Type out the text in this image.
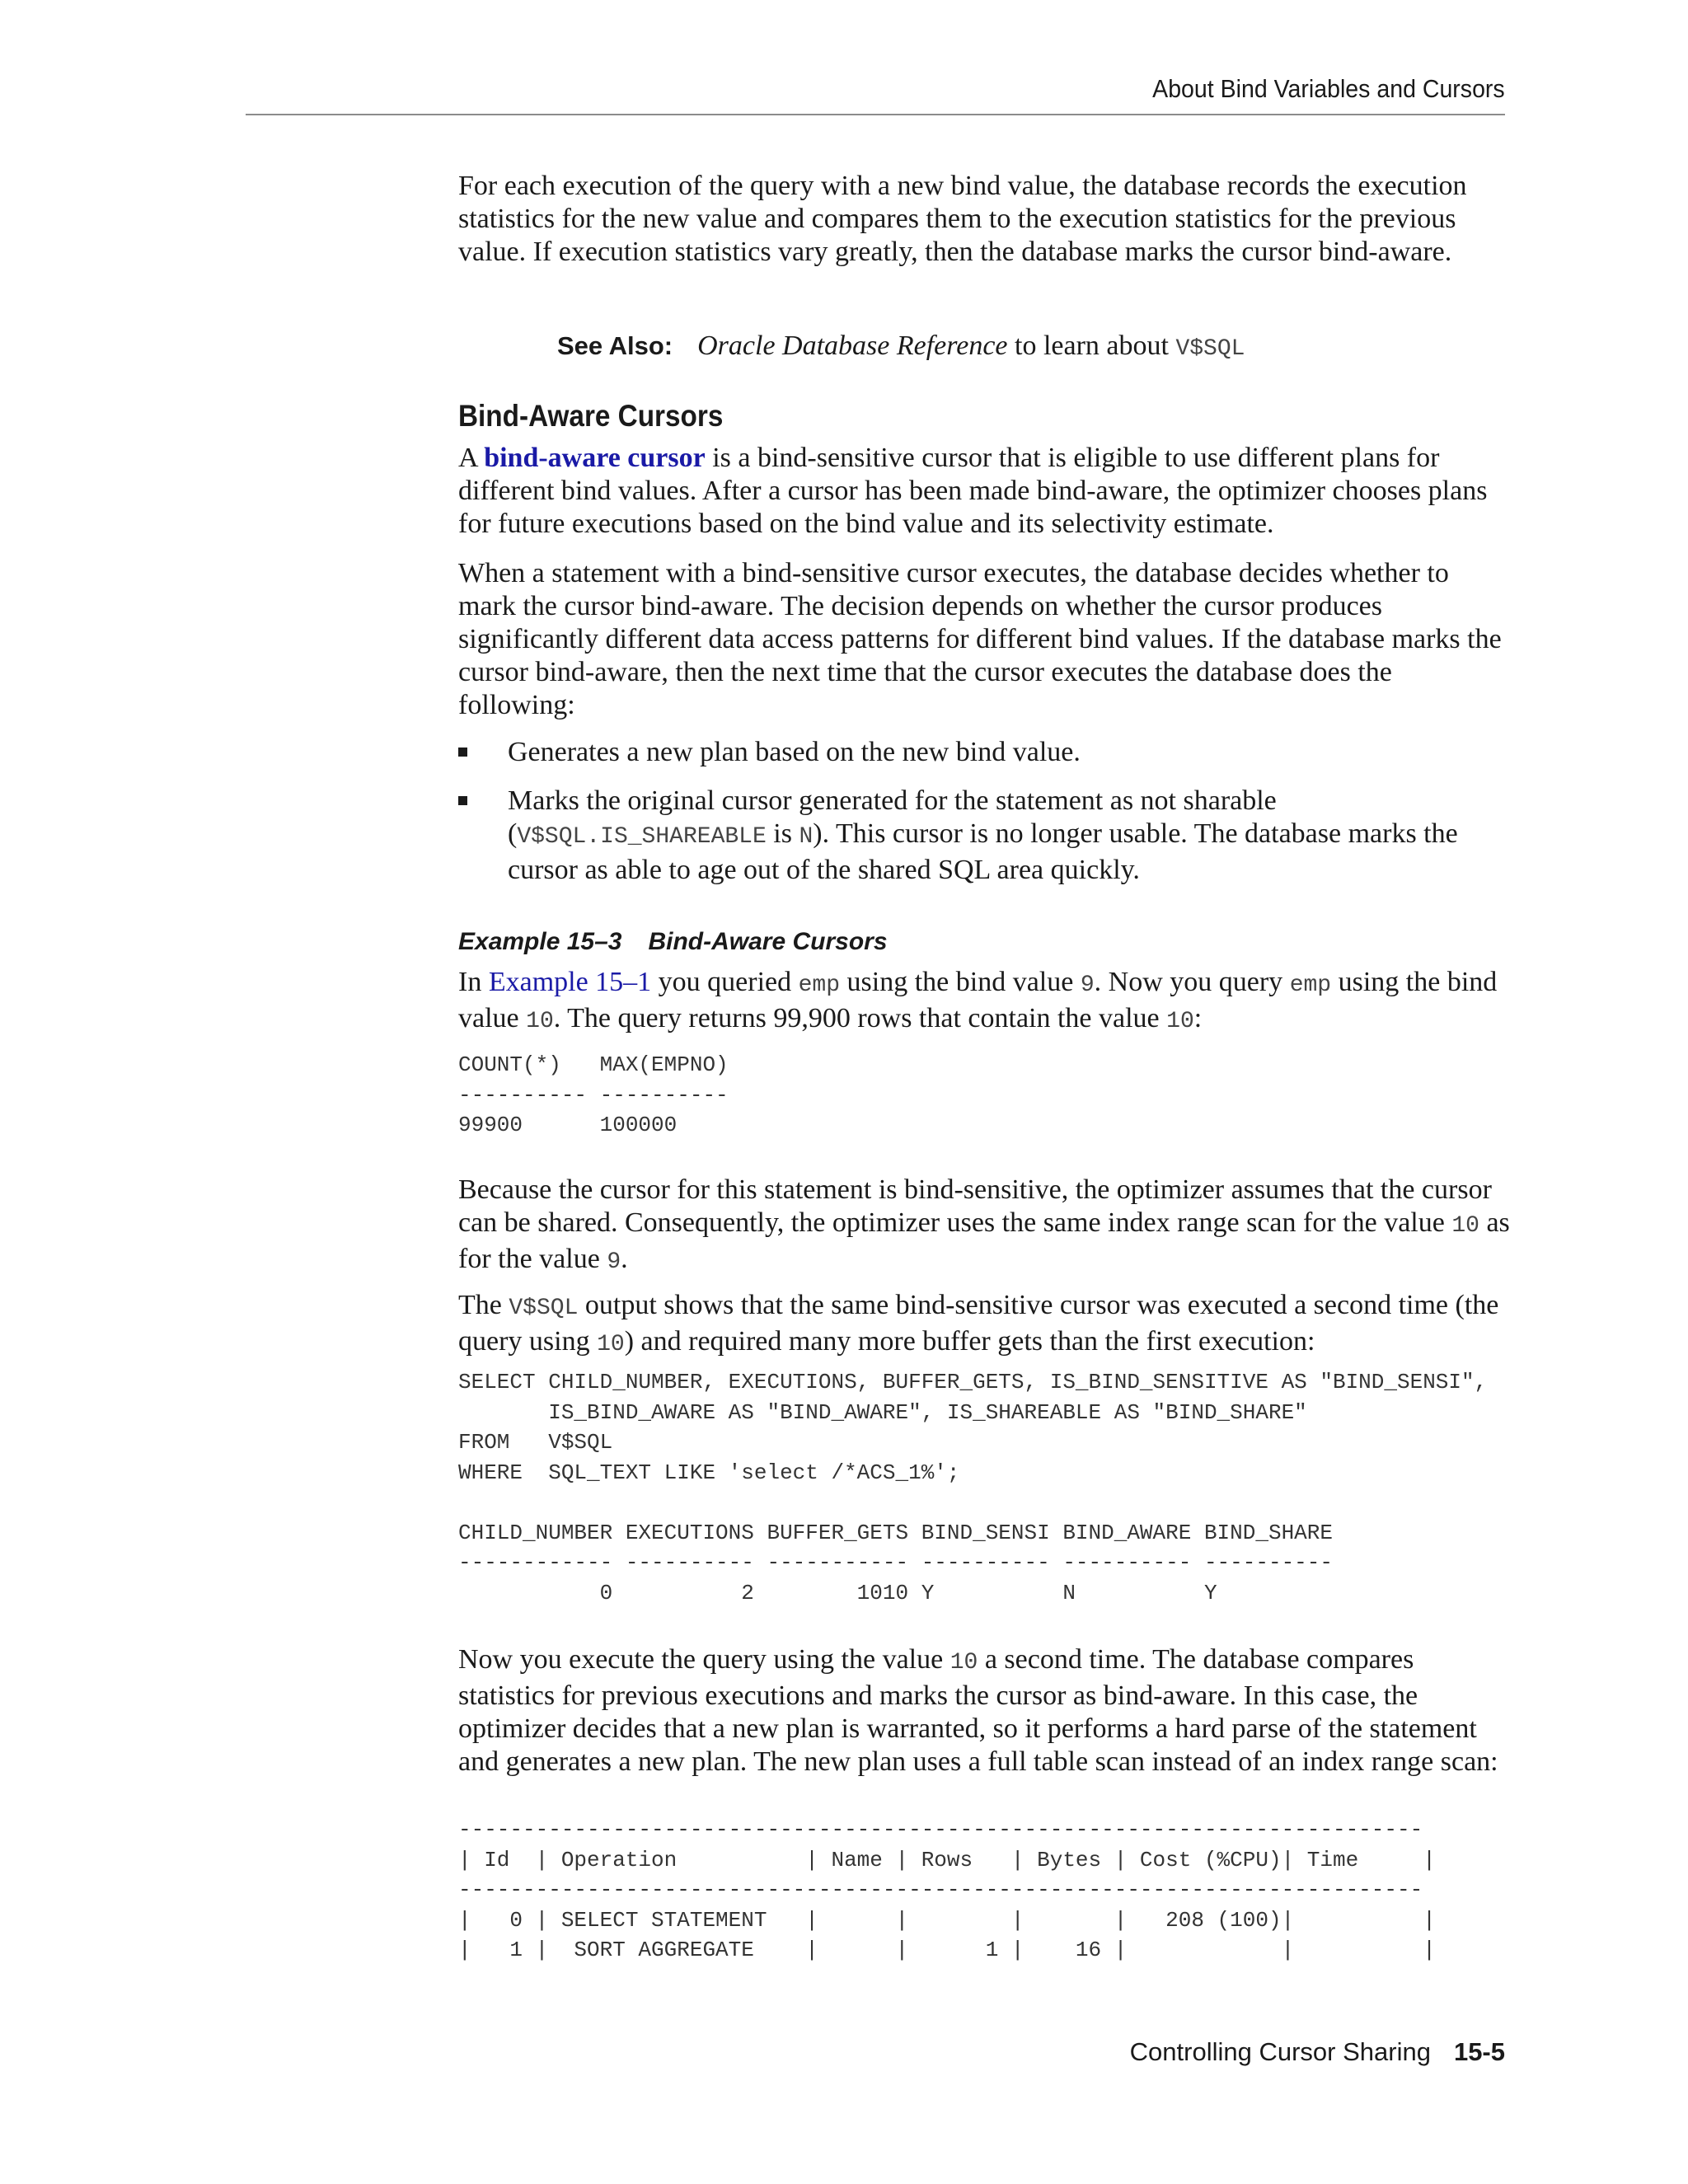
About Bind Variables and Cursors

For each execution of the query with a new bind value, the database records the execution statistics for the new value and compares them to the execution statistics for the previous value. If execution statistics vary greatly, then the database marks the cursor bind-aware.

See Also: Oracle Database Reference to learn about V$SQL
Bind-Aware Cursors

A bind-aware cursor is a bind-sensitive cursor that is eligible to use different plans for different bind values. After a cursor has been made bind-aware, the optimizer chooses plans for future executions based on the bind value and its selectivity estimate.

When a statement with a bind-sensitive cursor executes, the database decides whether to mark the cursor bind-aware. The decision depends on whether the cursor produces significantly different data access patterns for different bind values. If the database marks the cursor bind-aware, then the next time that the cursor executes the database does the following:

Generates a new plan based on the new bind value.

Marks the original cursor generated for the statement as not sharable (V$SQL.IS_SHAREABLE is N). This cursor is no longer usable. The database marks the cursor as able to age out of the shared SQL area quickly.

Example 15–3 Bind-Aware Cursors

In Example 15–1 you queried emp using the bind value 9. Now you query emp using the bind value 10. The query returns 99,900 rows that contain the value 10:

COUNT(*)   MAX(EMPNO)
---------- ----------
99900      100000

Because the cursor for this statement is bind-sensitive, the optimizer assumes that the cursor can be shared. Consequently, the optimizer uses the same index range scan for the value 10 as for the value 9.

The V$SQL output shows that the same bind-sensitive cursor was executed a second time (the query using 10) and required many more buffer gets than the first execution:

SELECT CHILD_NUMBER, EXECUTIONS, BUFFER_GETS, IS_BIND_SENSITIVE AS "BIND_SENSI",
IS_BIND_AWARE AS "BIND_AWARE", IS_SHAREABLE AS "BIND_SHARE"
FROM   V$SQL
WHERE  SQL_TEXT LIKE 'select /*ACS_1%';

CHILD_NUMBER EXECUTIONS BUFFER_GETS BIND_SENSI BIND_AWARE BIND_SHARE
------------ ---------- ----------- ---------- ---------- ----------
0          2        1010 Y          N          Y

Now you execute the query using the value 10 a second time. The database compares statistics for previous executions and marks the cursor as bind-aware. In this case, the optimizer decides that a new plan is warranted, so it performs a hard parse of the statement and generates a new plan. The new plan uses a full table scan instead of an index range scan:

---------------------------------------------------------------------------
| Id  | Operation          | Name | Rows   | Bytes | Cost (%CPU)| Time     |
---------------------------------------------------------------------------
|   0 | SELECT STATEMENT   |      |        |       |   208 (100)|          |
|   1 |  SORT AGGREGATE    |      |      1 |    16 |            |          |
Controlling Cursor Sharing 15-5
